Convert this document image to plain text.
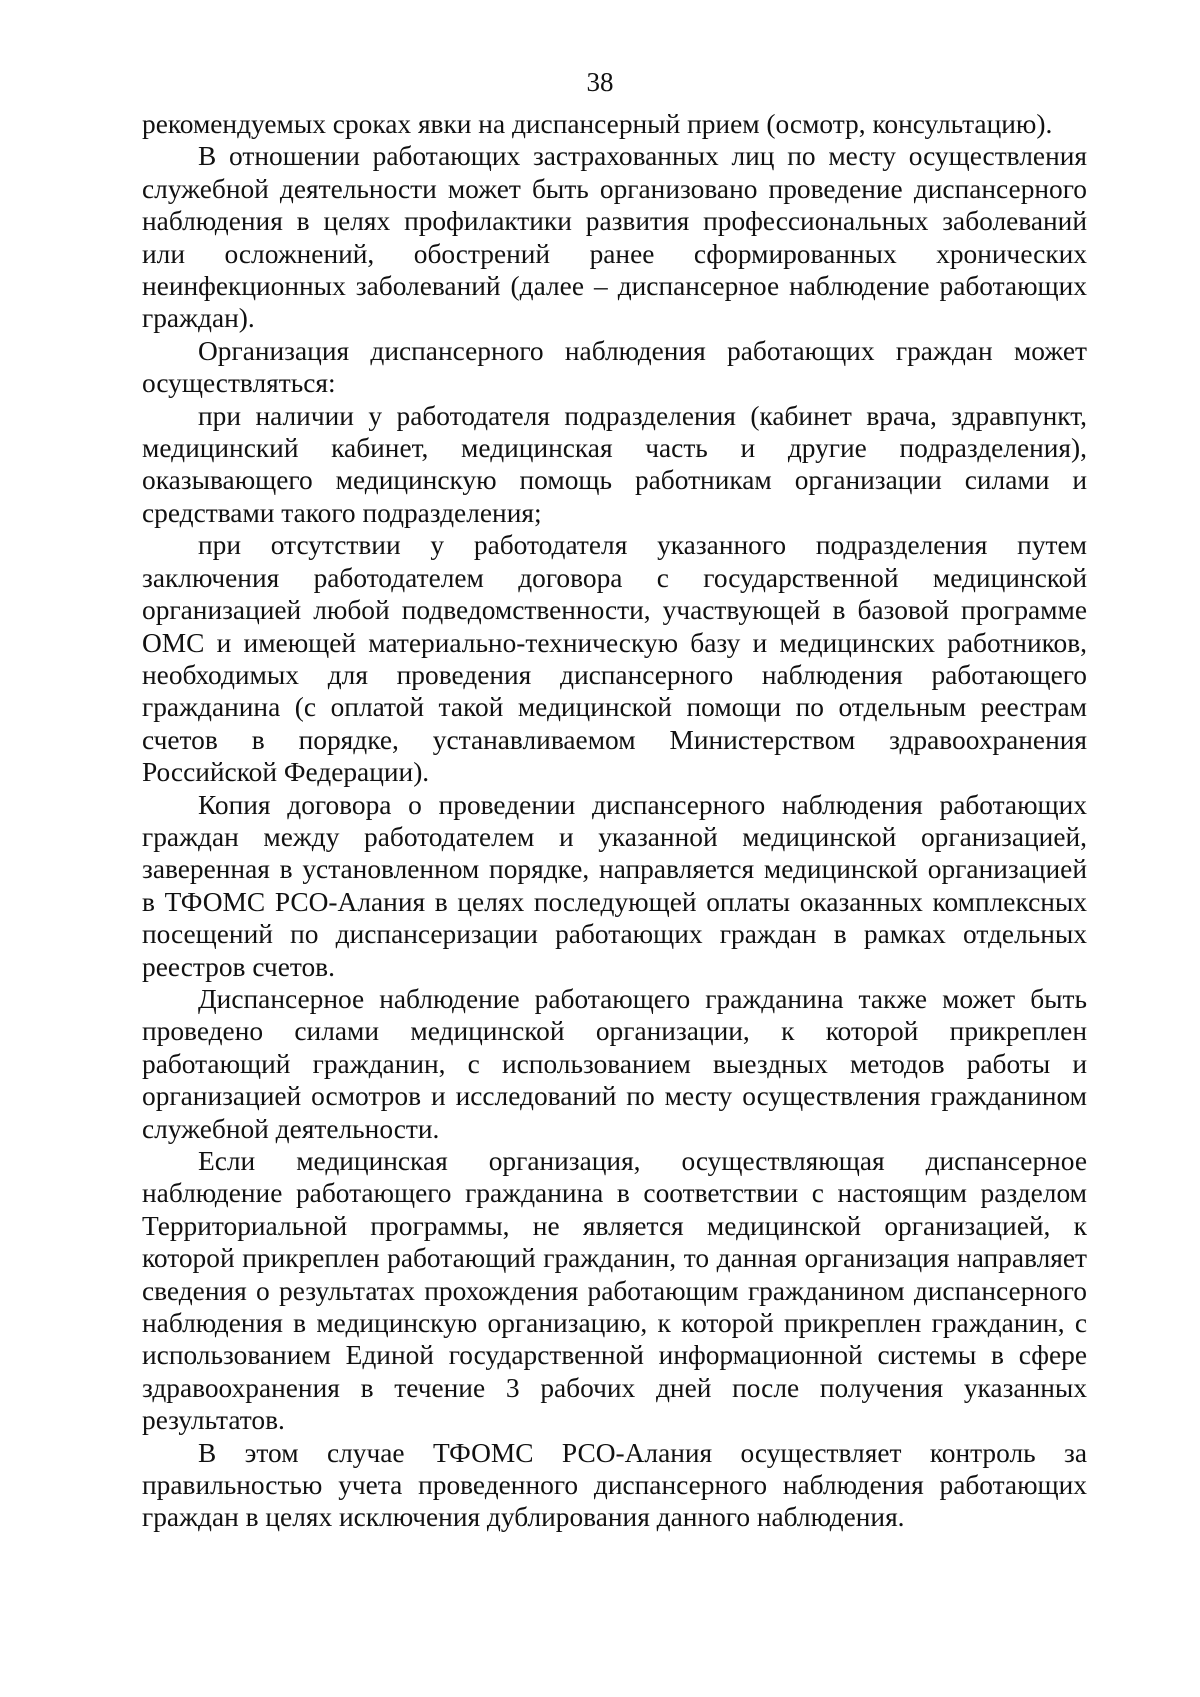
38

рекомендуемых сроках явки на диспансерный прием (осмотр, консультацию).

В отношении работающих застрахованных лиц по месту осуществления служебной деятельности может быть организовано проведение диспансерного наблюдения в целях профилактики развития профессиональных заболеваний или осложнений, обострений ранее сформированных хронических неинфекционных заболеваний (далее – диспансерное наблюдение работающих граждан).

Организация диспансерного наблюдения работающих граждан может осуществляться:

при наличии у работодателя подразделения (кабинет врача, здравпункт, медицинский кабинет, медицинская часть и другие подразделения), оказывающего медицинскую помощь работникам организации силами и средствами такого подразделения;

при отсутствии у работодателя указанного подразделения путем заключения работодателем договора с государственной медицинской организацией любой подведомственности, участвующей в базовой программе ОМС и имеющей материально-техническую базу и медицинских работников, необходимых для проведения диспансерного наблюдения работающего гражданина (с оплатой такой медицинской помощи по отдельным реестрам счетов в порядке, устанавливаемом Министерством здравоохранения Российской Федерации).

Копия договора о проведении диспансерного наблюдения работающих граждан между работодателем и указанной медицинской организацией, заверенная в установленном порядке, направляется медицинской организацией в ТФОМС РСО-Алания в целях последующей оплаты оказанных комплексных посещений по диспансеризации работающих граждан в рамках отдельных реестров счетов.

Диспансерное наблюдение работающего гражданина также может быть проведено силами медицинской организации, к которой прикреплен работающий гражданин, с использованием выездных методов работы и организацией осмотров и исследований по месту осуществления гражданином служебной деятельности.

Если медицинская организация, осуществляющая диспансерное наблюдение работающего гражданина в соответствии с настоящим разделом Территориальной программы, не является медицинской организацией, к которой прикреплен работающий гражданин, то данная организация направляет сведения о результатах прохождения работающим гражданином диспансерного наблюдения в медицинскую организацию, к которой прикреплен гражданин, с использованием Единой государственной информационной системы в сфере здравоохранения в течение 3 рабочих дней после получения указанных результатов.

В этом случае ТФОМС РСО-Алания осуществляет контроль за правильностью учета проведенного диспансерного наблюдения работающих граждан в целях исключения дублирования данного наблюдения.
